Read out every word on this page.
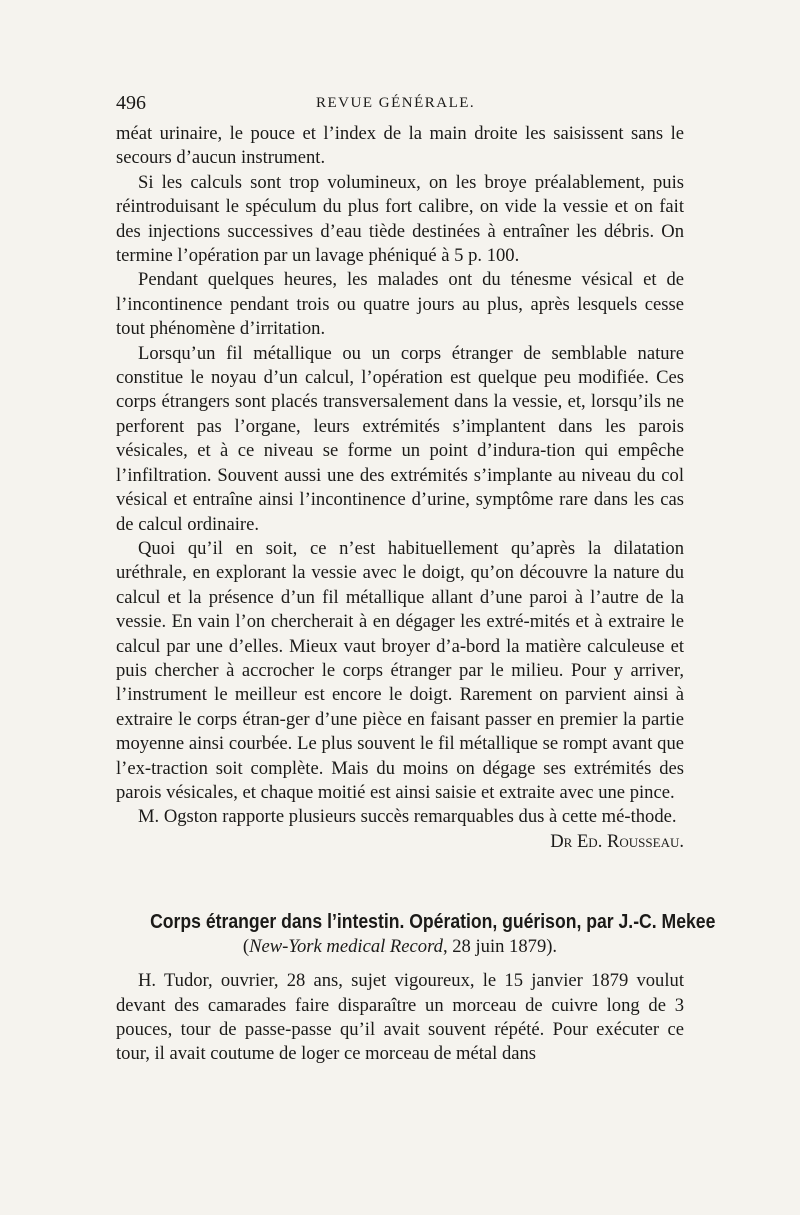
496	REVUE GÉNÉRALE.

méat urinaire, le pouce et l’index de la main droite les saisissent sans le secours d’aucun instrument.

Si les calculs sont trop volumineux, on les broye préalablement, puis réintroduisant le spéculum du plus fort calibre, on vide la vessie et on fait des injections successives d’eau tiède destinées à entraîner les débris. On termine l’opération par un lavage phéniqué à 5 p. 100.

Pendant quelques heures, les malades ont du ténesme vésical et de l’incontinence pendant trois ou quatre jours au plus, après lesquels cesse tout phénomène d’irritation.

Lorsqu’un fil métallique ou un corps étranger de semblable nature constitue le noyau d’un calcul, l’opération est quelque peu modifiée. Ces corps étrangers sont placés transversalement dans la vessie, et, lorsqu’ils ne perforent pas l’organe, leurs extrémités s’implantent dans les parois vésicales, et à ce niveau se forme un point d’indura-tion qui empêche l’infiltration. Souvent aussi une des extrémités s’implante au niveau du col vésical et entraîne ainsi l’incontinence d’urine, symptôme rare dans les cas de calcul ordinaire.

Quoi qu’il en soit, ce n’est habituellement qu’après la dilatation uréthrale, en explorant la vessie avec le doigt, qu’on découvre la nature du calcul et la présence d’un fil métallique allant d’une paroi à l’autre de la vessie. En vain l’on chercherait à en dégager les extré-mités et à extraire le calcul par une d’elles. Mieux vaut broyer d’a-bord la matière calculeuse et puis chercher à accrocher le corps étranger par le milieu. Pour y arriver, l’instrument le meilleur est encore le doigt. Rarement on parvient ainsi à extraire le corps étran-ger d’une pièce en faisant passer en premier la partie moyenne ainsi courbée. Le plus souvent le fil métallique se rompt avant que l’ex-traction soit complète. Mais du moins on dégage ses extrémités des parois vésicales, et chaque moitié est ainsi saisie et extraite avec une pince.

M. Ogston rapporte plusieurs succès remarquables dus à cette mé-thode.

Dr Ed. Rousseau.

Corps étranger dans l’intestin. Opération, guérison, par J.-C. Mekee

(New-York medical Record, 28 juin 1879).

H. Tudor, ouvrier, 28 ans, sujet vigoureux, le 15 janvier 1879 voulut devant des camarades faire disparaître un morceau de cuivre long de 3 pouces, tour de passe-passe qu’il avait souvent répété. Pour exécuter ce tour, il avait coutume de loger ce morceau de métal dans
